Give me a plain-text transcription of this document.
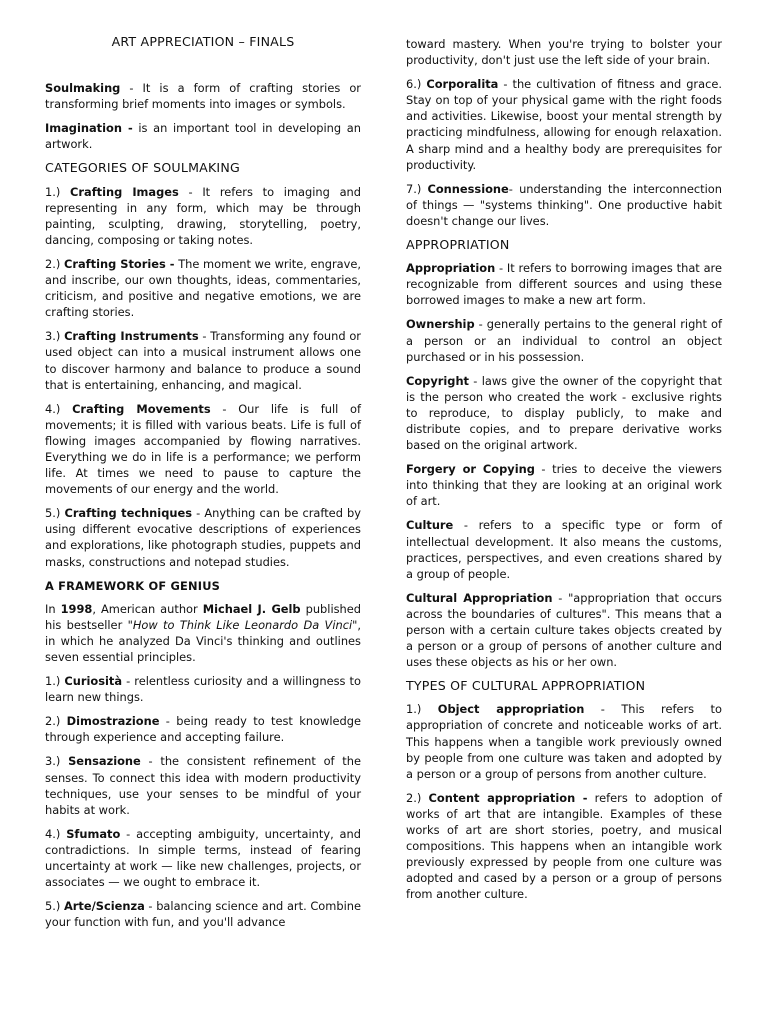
ART APPRECIATION – FINALS

Soulmaking - It is a form of crafting stories or transforming brief moments into images or symbols.

Imagination - is an important tool in developing an artwork.

CATEGORIES OF SOULMAKING

1.) Crafting Images - It refers to imaging and representing in any form, which may be through painting, sculpting, drawing, storytelling, poetry, dancing, composing or taking notes.

2.) Crafting Stories - The moment we write, engrave, and inscribe, our own thoughts, ideas, commentaries, criticism, and positive and negative emotions, we are crafting stories.

3.) Crafting Instruments - Transforming any found or used object can into a musical instrument allows one to discover harmony and balance to produce a sound that is entertaining, enhancing, and magical.

4.) Crafting Movements - Our life is full of movements; it is filled with various beats. Life is full of flowing images accompanied by flowing narratives. Everything we do in life is a performance; we perform life. At times we need to pause to capture the movements of our energy and the world.

5.) Crafting techniques - Anything can be crafted by using different evocative descriptions of experiences and explorations, like photograph studies, puppets and masks, constructions and notepad studies.

A FRAMEWORK OF GENIUS

In 1998, American author Michael J. Gelb published his bestseller "How to Think Like Leonardo Da Vinci", in which he analyzed Da Vinci's thinking and outlines seven essential principles.

1.) Curiosità - relentless curiosity and a willingness to learn new things.

2.) Dimostrazione - being ready to test knowledge through experience and accepting failure.

3.) Sensazione - the consistent refinement of the senses. To connect this idea with modern productivity techniques, use your senses to be mindful of your habits at work.

4.) Sfumato - accepting ambiguity, uncertainty, and contradictions. In simple terms, instead of fearing uncertainty at work — like new challenges, projects, or associates — we ought to embrace it.

5.) Arte/Scienza - balancing science and art. Combine your function with fun, and you'll advance

toward mastery. When you're trying to bolster your productivity, don't just use the left side of your brain.

6.) Corporalita - the cultivation of fitness and grace. Stay on top of your physical game with the right foods and activities. Likewise, boost your mental strength by practicing mindfulness, allowing for enough relaxation. A sharp mind and a healthy body are prerequisites for productivity.

7.) Connessione- understanding the interconnection of things — "systems thinking". One productive habit doesn't change our lives.

APPROPRIATION

Appropriation - It refers to borrowing images that are recognizable from different sources and using these borrowed images to make a new art form.

Ownership - generally pertains to the general right of a person or an individual to control an object purchased or in his possession.

Copyright - laws give the owner of the copyright that is the person who created the work - exclusive rights to reproduce, to display publicly, to make and distribute copies, and to prepare derivative works based on the original artwork.

Forgery or Copying - tries to deceive the viewers into thinking that they are looking at an original work of art.

Culture - refers to a specific type or form of intellectual development. It also means the customs, practices, perspectives, and even creations shared by a group of people.

Cultural Appropriation - "appropriation that occurs across the boundaries of cultures". This means that a person with a certain culture takes objects created by a person or a group of persons of another culture and uses these objects as his or her own.

TYPES OF CULTURAL APPROPRIATION

1.) Object appropriation - This refers to appropriation of concrete and noticeable works of art. This happens when a tangible work previously owned by people from one culture was taken and adopted by a person or a group of persons from another culture.

2.) Content appropriation - refers to adoption of works of art that are intangible. Examples of these works of art are short stories, poetry, and musical compositions. This happens when an intangible work previously expressed by people from one culture was adopted and cased by a person or a group of persons from another culture.
